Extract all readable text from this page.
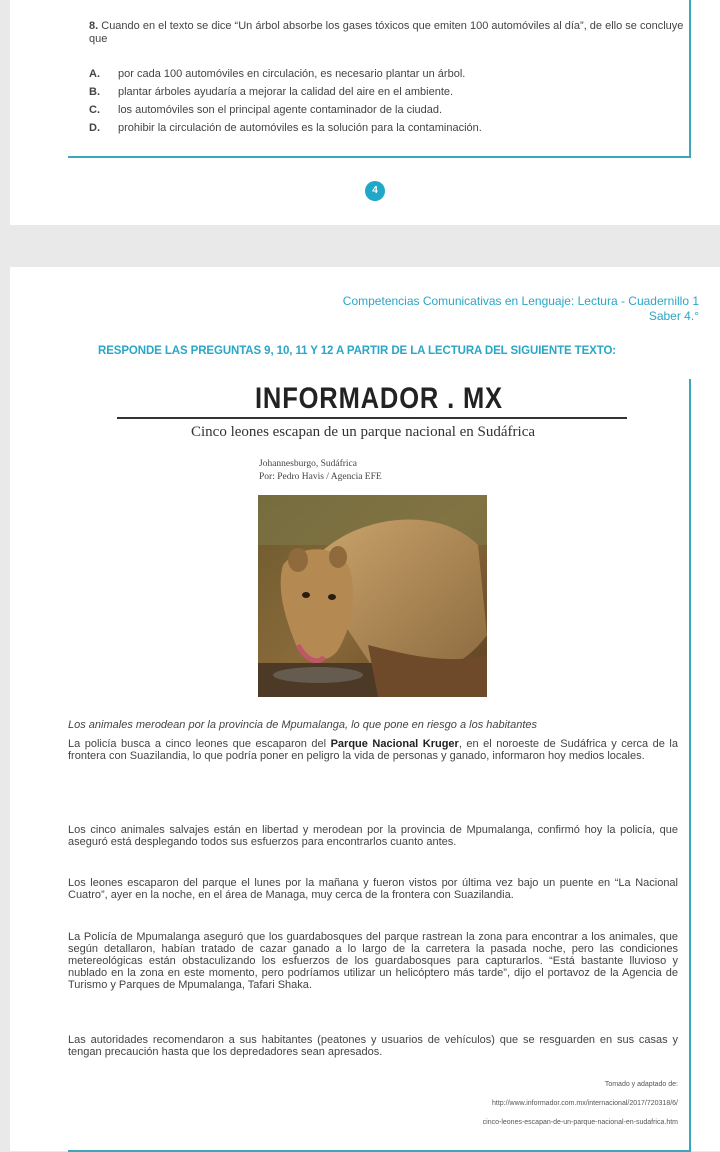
8. Cuando en el texto se dice “Un árbol absorbe los gases tóxicos que emiten 100 automóviles al día”, de ello se concluye que
A. por cada 100 automóviles en circulación, es necesario plantar un árbol.
B. plantar árboles ayudaría a mejorar la calidad del aire en el ambiente.
C. los automóviles son el principal agente contaminador de la ciudad.
D. prohibir la circulación de automóviles es la solución para la contaminación.
4
Competencias Comunicativas en Lenguaje: Lectura - Cuadernillo 1
Saber 4.°
RESPONDE LAS PREGUNTAS 9, 10, 11 Y 12 A PARTIR DE LA LECTURA DEL SIGUIENTE TEXTO:
INFORMADOR . MX
Cinco leones escapan de un parque nacional en Sudáfrica
Johannesburgo, Sudáfrica
Por: Pedro Havis / Agencia EFE
Los animales merodean por la provincia de Mpumalanga, lo que pone en riesgo a los habitantes
La policía busca a cinco leones que escaparon del Parque Nacional Kruger, en el noroeste de Sudáfrica y cerca de la frontera con Suazilandia, lo que podría poner en peligro la vida de personas y ganado, informaron hoy medios locales.
Los cinco animales salvajes están en libertad y merodean por la provincia de Mpumalanga, confirmó hoy la policía, que aseguró está desplegando todos sus esfuerzos para encontrarlos cuanto antes.
Los leones escaparon del parque el lunes por la mañana y fueron vistos por última vez bajo un puente en “La Nacional Cuatro”, ayer en la noche, en el área de Managa, muy cerca de la frontera con Suazilandia.
La Policía de Mpumalanga aseguró que los guardabosques del parque rastrean la zona para encontrar a los animales, que según detallaron, habían tratado de cazar ganado a lo largo de la carretera la pasada noche, pero las condiciones metereológicas están obstaculizando los esfuerzos de los guardabosques para capturarlos. “Está bastante lluvioso y nublado en la zona en este momento, pero podríamos utilizar un helicóptero más tarde”, dijo el portavoz de la Agencia de Turismo y Parques de Mpumalanga, Tafari Shaka.
Las autoridades recomendaron a sus habitantes (peatones y usuarios de vehículos) que se resguarden en sus casas y tengan precaución hasta que los depredadores sean apresados.
Tomado y adaptado de:
http://www.informador.com.mx/internacional/2017/720318/6/
cinco-leones-escapan-de-un-parque-nacional-en-sudafrica.htm
